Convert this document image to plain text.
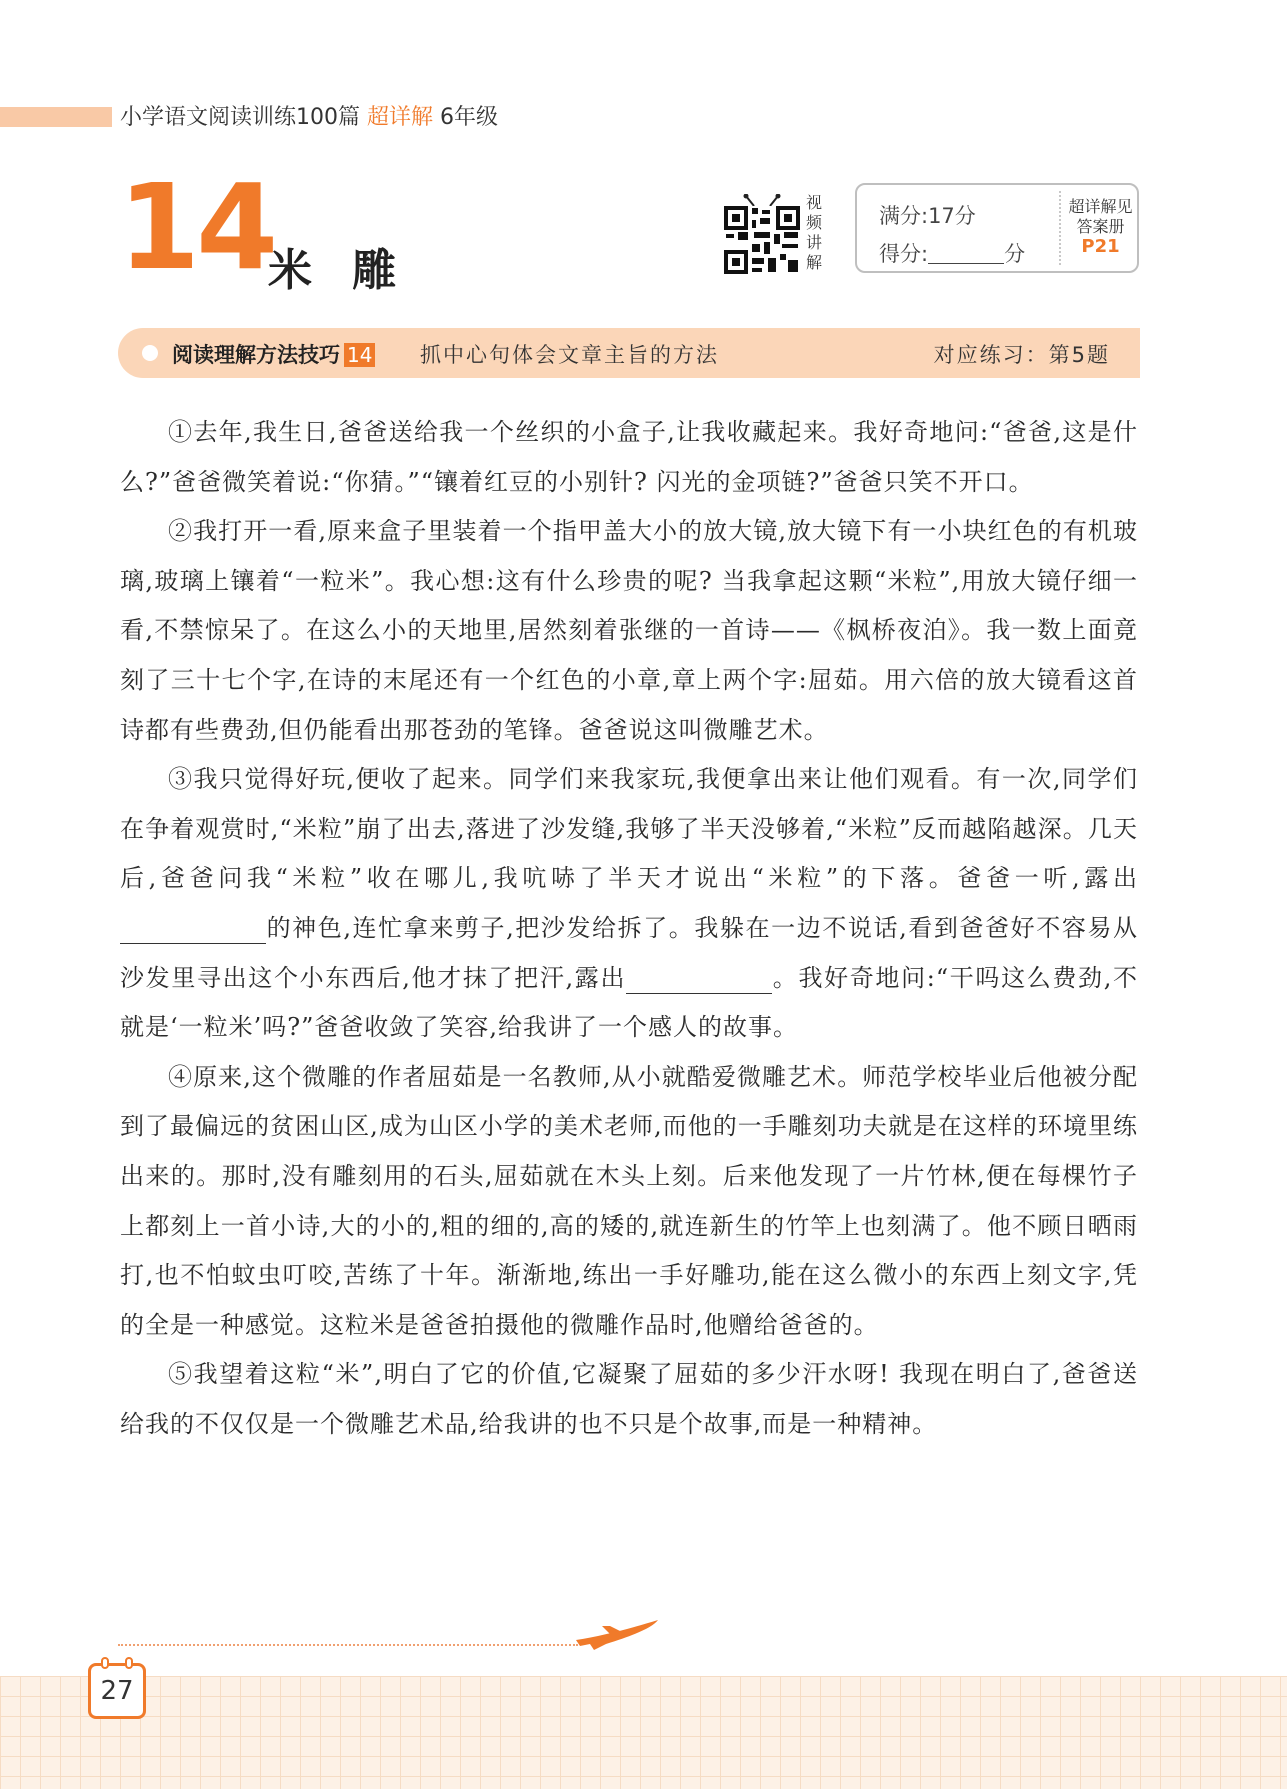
小学语文阅读训练100篇 超详解 6年级
14
米雕
视频讲解
满分:17分
得分:	分
超详解见
答案册
P21
阅读理解方法技巧 14 抓中心句体会文章主旨的方法	对应练习：第5题

①去年,我生日,爸爸送给我一个丝织的小盒子,让我收藏起来。我好奇地问:“爸爸,这是什么?”爸爸微笑着说:“你猜。”“镶着红豆的小别针? 闪光的金项链?”爸爸只笑不开口。

②我打开一看,原来盒子里装着一个指甲盖大小的放大镜,放大镜下有一小块红色的有机玻璃,玻璃上镶着“一粒米”。我心想:这有什么珍贵的呢? 当我拿起这颗“米粒”,用放大镜仔细一看,不禁惊呆了。在这么小的天地里,居然刻着张继的一首诗——《枫桥夜泊》。我一数上面竟刻了三十七个字,在诗的末尾还有一个红色的小章,章上两个字:屈茹。用六倍的放大镜看这首诗都有些费劲,但仍能看出那苍劲的笔锋。爸爸说这叫微雕艺术。

③我只觉得好玩,便收了起来。同学们来我家玩,我便拿出来让他们观看。有一次,同学们在争着观赏时,“米粒”崩了出去,落进了沙发缝,我够了半天没够着,“米粒”反而越陷越深。几天后,爸爸问我“米粒”收在哪儿,我吭哧了半天才说出“米粒”的下落。爸爸一听,露出的神色,连忙拿来剪子,把沙发给拆了。我躲在一边不说话,看到爸爸好不容易从沙发里寻出这个小东西后,他才抹了把汗,露出	。我好奇地问:“干吗这么费劲,不就是‘一粒米’吗?”爸爸收敛了笑容,给我讲了一个感人的故事。

④原来,这个微雕的作者屈茹是一名教师,从小就酷爱微雕艺术。师范学校毕业后他被分配到了最偏远的贫困山区,成为山区小学的美术老师,而他的一手雕刻功夫就是在这样的环境里练出来的。那时,没有雕刻用的石头,屈茹就在木头上刻。后来他发现了一片竹林,便在每棵竹子上都刻上一首小诗,大的小的,粗的细的,高的矮的,就连新生的竹竿上也刻满了。他不顾日晒雨打,也不怕蚊虫叮咬,苦练了十年。渐渐地,练出一手好雕功,能在这么微小的东西上刻文字,凭的全是一种感觉。这粒米是爸爸拍摄他的微雕作品时,他赠给爸爸的。

⑤我望着这粒“米”,明白了它的价值,它凝聚了屈茹的多少汗水呀! 我现在明白了,爸爸送给我的不仅仅是一个微雕艺术品,给我讲的也不只是个故事,而是一种精神。

27
